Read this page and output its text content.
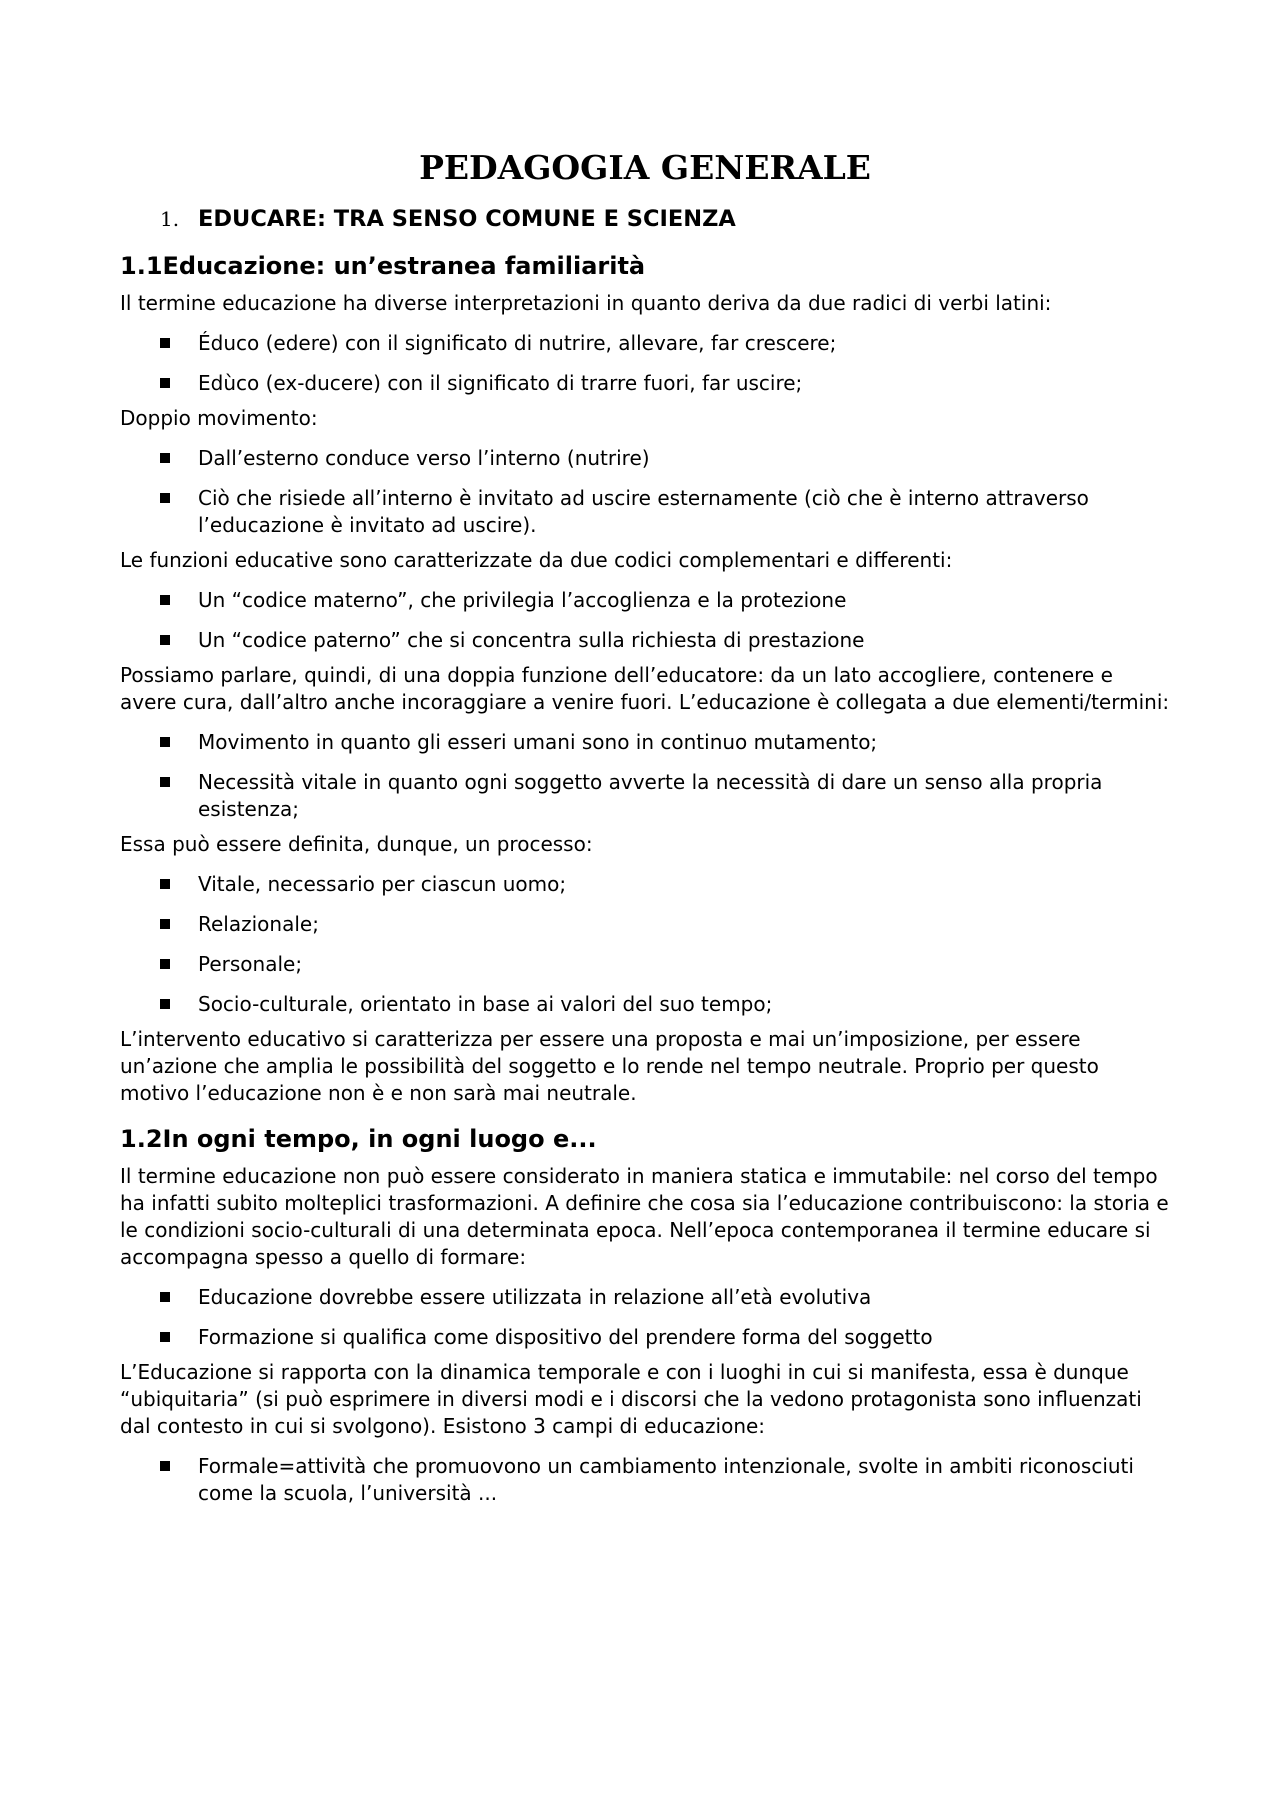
PEDAGOGIA GENERALE
1. EDUCARE: TRA SENSO COMUNE E SCIENZA
1.1Educazione: un’estranea familiarità

Il termine educazione ha diverse interpretazioni in quanto deriva da due radici di verbi latini:

Éduco (edere) con il significato di nutrire, allevare, far crescere;
Edùco (ex-ducere) con il significato di trarre fuori, far uscire;

Doppio movimento:

Dall’esterno conduce verso l’interno (nutrire)
Ciò che risiede all’interno è invitato ad uscire esternamente (ciò che è interno attraverso l’educazione è invitato ad uscire).

Le funzioni educative sono caratterizzate da due codici complementari e differenti:

Un “codice materno”, che privilegia l’accoglienza e la protezione
Un “codice paterno” che si concentra sulla richiesta di prestazione

Possiamo parlare, quindi, di una doppia funzione dell’educatore: da un lato accogliere, contenere e avere cura, dall’altro anche incoraggiare a venire fuori. L’educazione è collegata a due elementi/termini:

Movimento in quanto gli esseri umani sono in continuo mutamento;
Necessità vitale in quanto ogni soggetto avverte la necessità di dare un senso alla propria esistenza;

Essa può essere definita, dunque, un processo:

Vitale, necessario per ciascun uomo;
Relazionale;
Personale;
Socio-culturale, orientato in base ai valori del suo tempo;

L’intervento educativo si caratterizza per essere una proposta e mai un’imposizione, per essere un’azione che amplia le possibilità del soggetto e lo rende nel tempo neutrale. Proprio per questo motivo l’educazione non è e non sarà mai neutrale.

1.2In ogni tempo, in ogni luogo e...

Il termine educazione non può essere considerato in maniera statica e immutabile: nel corso del tempo ha infatti subito molteplici trasformazioni. A definire che cosa sia l’educazione contribuiscono: la storia e le condizioni socio-culturali di una determinata epoca. Nell’epoca contemporanea il termine educare si accompagna spesso a quello di formare:

Educazione dovrebbe essere utilizzata in relazione all’età evolutiva
Formazione si qualifica come dispositivo del prendere forma del soggetto

L’Educazione si rapporta con la dinamica temporale e con i luoghi in cui si manifesta, essa è dunque “ubiquitaria” (si può esprimere in diversi modi e i discorsi che la vedono protagonista sono influenzati dal contesto in cui si svolgono). Esistono 3 campi di educazione:

Formale=attività che promuovono un cambiamento intenzionale, svolte in ambiti riconosciuti come la scuola, l’università ...
